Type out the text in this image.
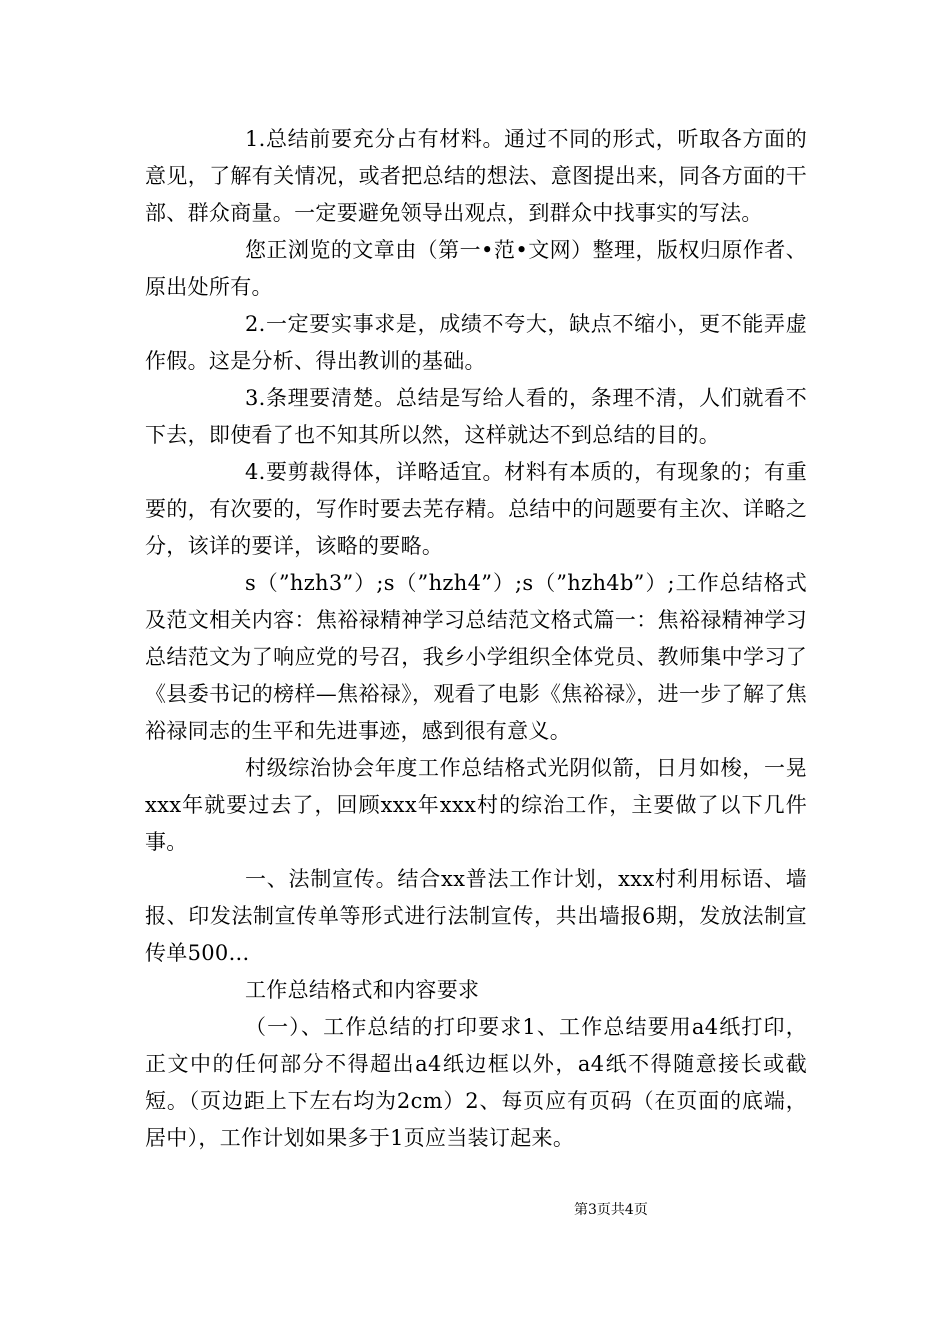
1.总结前要充分占有材料。通过不同的形式，听取各方面的意见，了解有关情况，或者把总结的想法、意图提出来，同各方面的干部、群众商量。一定要避免领导出观点，到群众中找事实的写法。

您正浏览的文章由（第一•范•文网）整理，版权归原作者、原出处所有。

2.一定要实事求是，成绩不夸大，缺点不缩小，更不能弄虚作假。这是分析、得出教训的基础。

3.条理要清楚。总结是写给人看的，条理不清，人们就看不下去，即使看了也不知其所以然，这样就达不到总结的目的。

4.要剪裁得体，详略适宜。材料有本质的，有现象的；有重要的，有次要的，写作时要去芜存精。总结中的问题要有主次、详略之分，该详的要详，该略的要略。

s（”hzh3”）;s（”hzh4”）;s（”hzh4b”）;工作总结格式及范文相关内容：焦裕禄精神学习总结范文格式篇一：焦裕禄精神学习总结范文为了响应党的号召，我乡小学组织全体党员、教师集中学习了《县委书记的榜样—焦裕禄》，观看了电影《焦裕禄》，进一步了解了焦裕禄同志的生平和先进事迹，感到很有意义。

村级综治协会年度工作总结格式光阴似箭，日月如梭，一晃xxx年就要过去了，回顾xxx年xxx村的综治工作，主要做了以下几件事。

一、法制宣传。结合xx普法工作计划，xxx村利用标语、墙报、印发法制宣传单等形式进行法制宣传，共出墙报6期，发放法制宣传单500...

工作总结格式和内容要求

（一）、工作总结的打印要求1、工作总结要用a4纸打印，正文中的任何部分不得超出a4纸边框以外，a4纸不得随意接长或截短。（页边距上下左右均为2cm）2、每页应有页码（在页面的底端，居中），工作计划如果多于1页应当装订起来。

第3页共4页
